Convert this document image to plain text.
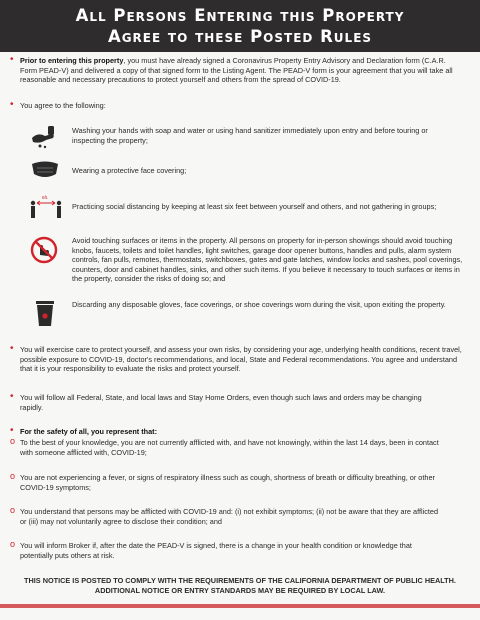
All Persons Entering this Property
Agree to these Posted Rules
• Prior to entering this property, you must have already signed a Coronavirus Property Entry Advisory and Declaration form (C.A.R. Form PEAD-V) and delivered a copy of that signed form to the Listing Agent. The PEAD-V form is your agreement that you will take all reasonable and necessary precautions to protect yourself and others from the spread of COVID-19.
• You agree to the following:
Washing your hands with soap and water or using hand sanitizer immediately upon entry and before touring or inspecting the property;
Wearing a protective face covering;
6ft.
Practicing social distancing by keeping at least six feet between yourself and others, and not gathering in groups;
Avoid touching surfaces or items in the property. All persons on property for in-person showings should avoid touching knobs, faucets, toilets and toilet handles, light switches, garage door opener buttons, handles and pulls, alarm system controls, fan pulls, remotes, thermostats, switchboxes, gates and gate latches, window locks and sashes, pool coverings, counters, door and cabinet handles, sinks, and other such items. If you believe it necessary to touch surfaces or items in the property, consider the risks of doing so; and
Discarding any disposable gloves, face coverings, or shoe coverings worn during the visit, upon exiting the property.
• You will exercise care to protect yourself, and assess your own risks, by considering your age, underlying health conditions, recent travel, possible exposure to COVID-19, doctor's recommendations, and local, State and Federal recommendations. You agree and understand that it is your responsibility to evaluate the risks and protect yourself.
• You will follow all Federal, State, and local laws and Stay Home Orders, even though such laws and orders may be changing rapidly.
• For the safety of all, you represent that:
o To the best of your knowledge, you are not currently afflicted with, and have not knowingly, within the last 14 days, been in contact with someone afflicted with, COVID-19;
o You are not experiencing a fever, or signs of respiratory illness such as cough, shortness of breath or difficulty breathing, or other COVID-19 symptoms;
o You understand that persons may be afflicted with COVID-19 and: (i) not exhibit symptoms; (ii) not be aware that they are afflicted or (iii) may not voluntarily agree to disclose their condition; and
o You will inform Broker if, after the date the PEAD-V is signed, there is a change in your health condition or knowledge that potentially puts others at risk.
THIS NOTICE IS POSTED TO COMPLY WITH THE REQUIREMENTS OF THE CALIFORNIA DEPARTMENT OF PUBLIC HEALTH. ADDITIONAL NOTICE OR ENTRY STANDARDS MAY BE REQUIRED BY LOCAL LAW.
